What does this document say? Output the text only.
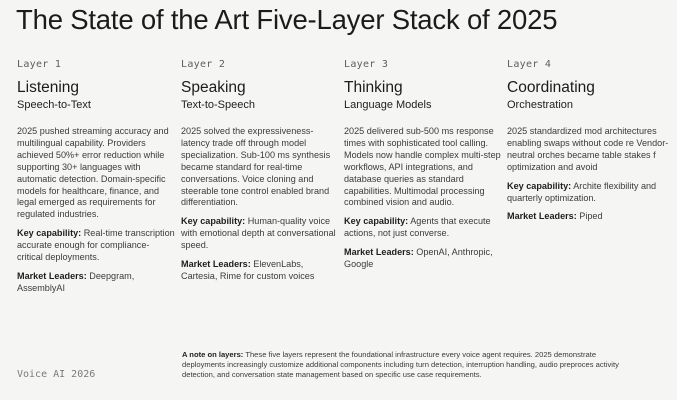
The State of the Art Five-Layer Stack of 2025
Layer 1
Listening
Speech-to-Text
2025 pushed streaming accuracy and multilingual capability. Providers achieved 50%+ error reduction while supporting 30+ languages with automatic detection. Domain-specific models for healthcare, finance, and legal emerged as requirements for regulated industries.
Key capability: Real-time transcription accurate enough for compliance-critical deployments.
Market Leaders: Deepgram, AssemblyAI
Layer 2
Speaking
Text-to-Speech
2025 solved the expressiveness-latency trade off through model specialization. Sub-100 ms synthesis became standard for real-time conversations. Voice cloning and steerable tone control enabled brand differentiation.
Key capability: Human-quality voice with emotional depth at conversational speed.
Market Leaders: ElevenLabs, Cartesia, Rime for custom voices
Layer 3
Thinking
Language Models
2025 delivered sub-500 ms response times with sophisticated tool calling. Models now handle complex multi-step workflows, API integrations, and database queries as standard capabilities. Multimodal processing combined vision and audio.
Key capability: Agents that execute actions, not just converse.
Market Leaders: OpenAI, Anthropic, Google
Layer 4
Coordinating
Orchestration
2025 standardized mod architectures enabling swaps without code re Vendor-neutral orches became table stakes f optimization and avoid
Key capability: Archite flexibility and quarterly optimization.
Market Leaders: Piped
A note on layers: These five layers represent the foundational infrastructure every voice agent requires. 2025 demonstrate deployments increasingly customize additional components including turn detection, interruption handling, audio preproces activity detection, and conversation state management based on specific use case requirements.
Voice AI 2026
